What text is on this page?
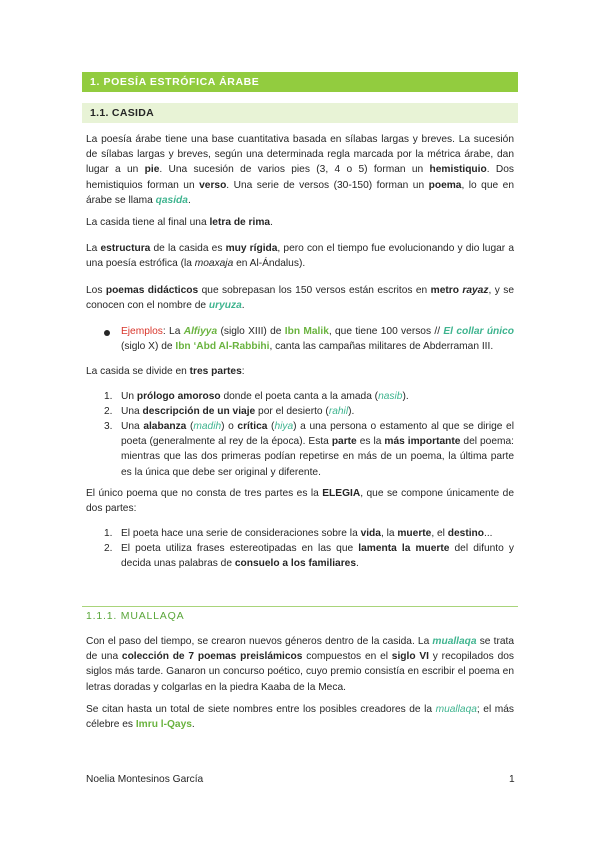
1. POESÍA ESTRÓFICA ÁRABE
1.1. CASIDA

La poesía árabe tiene una base cuantitativa basada en sílabas largas y breves. La sucesión de sílabas largas y breves, según una determinada regla marcada por la métrica árabe, dan lugar a un pie. Una sucesión de varios pies (3, 4 o 5) forman un hemistiquio. Dos hemistiquios forman un verso. Una serie de versos (30-150) forman un poema, lo que en árabe se llama qasida.

La casida tiene al final una letra de rima.

La estructura de la casida es muy rígida, pero con el tiempo fue evolucionando y dio lugar a una poesía estrófica (la moaxaja en Al-Ándalus).

Los poemas didácticos que sobrepasan los 150 versos están escritos en metro rayaz, y se conocen con el nombre de uryuza.

Ejemplos: La Alfiyya (siglo XIII) de Ibn Malik, que tiene 100 versos // El collar único (siglo X) de Ibn ‘Abd Al-Rabbihi, canta las campañas militares de Abderraman III.

La casida se divide en tres partes:

1. Un prólogo amoroso donde el poeta canta a la amada (nasib).

2. Una descripción de un viaje por el desierto (rahil).

3. Una alabanza (madih) o crítica (hiya) a una persona o estamento al que se dirige el poeta (generalmente al rey de la época). Esta parte es la más importante del poema: mientras que las dos primeras podían repetirse en más de un poema, la última parte es la única que debe ser original y diferente.

El único poema que no consta de tres partes es la ELEGIA, que se compone únicamente de dos partes:

1. El poeta hace una serie de consideraciones sobre la vida, la muerte, el destino...

2. El poeta utiliza frases estereotipadas en las que lamenta la muerte del difunto y decida unas palabras de consuelo a los familiares.

1.1.1. MUALLAQA

Con el paso del tiempo, se crearon nuevos géneros dentro de la casida. La muallaqa se trata de una colección de 7 poemas preislámicos compuestos en el siglo VI y recopilados dos siglos más tarde. Ganaron un concurso poético, cuyo premio consistía en escribir el poema en letras doradas y colgarlas en la piedra Kaaba de la Meca.

Se citan hasta un total de siete nombres entre los posibles creadores de la muallaqa; el más célebre es Imru l-Qays.

Noelia Montesinos García	1
